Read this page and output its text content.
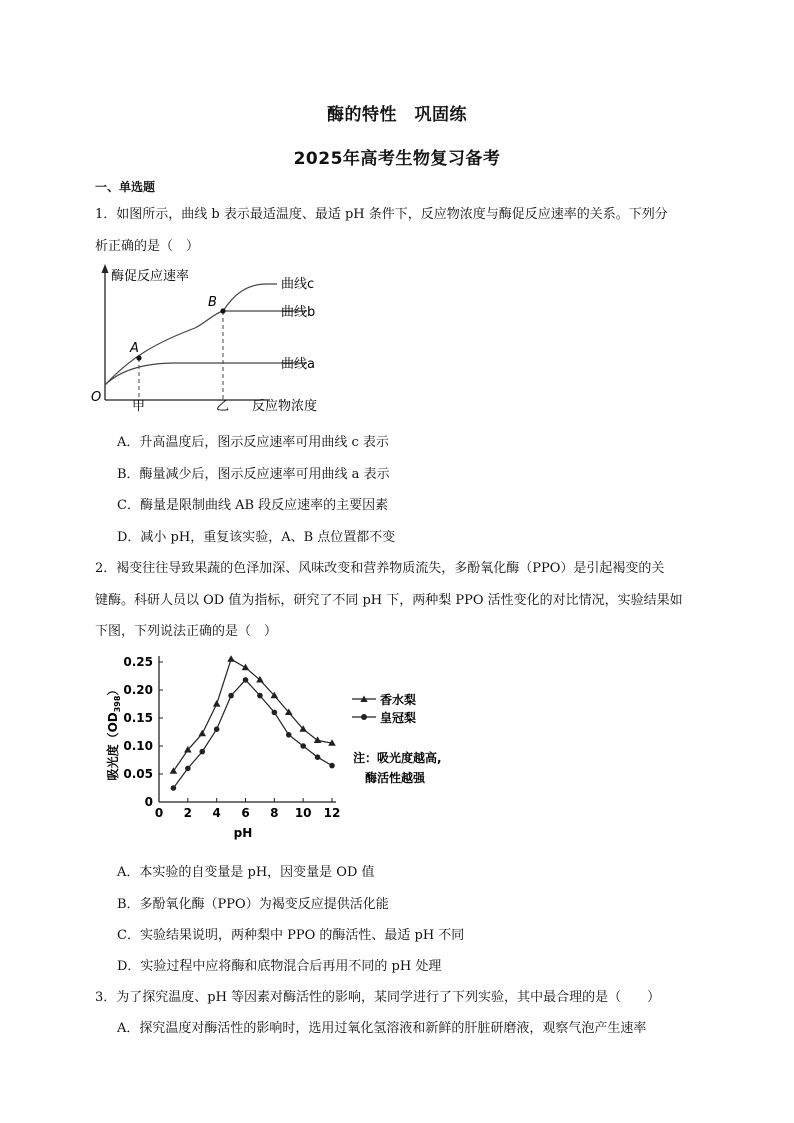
酶的特性　巩固练
2025年高考生物复习备考
一、单选题
1．如图所示，曲线 b 表示最适温度、最适 pH 条件下，反应物浓度与酶促反应速率的关系。下列分
析正确的是（　）
酶促反应速率
反应物浓度
O
A
B
甲	乙
曲线c
曲线b
曲线a
A．升高温度后，图示反应速率可用曲线 c 表示
B．酶量减少后，图示反应速率可用曲线 a 表示
C．酶量是限制曲线 AB 段反应速率的主要因素
D．减小 pH，重复该实验，A、B 点位置都不变
2．褐变往往导致果蔬的色泽加深、风味改变和营养物质流失，多酚氧化酶（PPO）是引起褐变的关
键酶。科研人员以 OD 值为指标，研究了不同 pH 下，两种梨 PPO 活性变化的对比情况，实验结果如
下图，下列说法正确的是（　）
吸光度$(OD_{398})$
0
0.05
0.10
0.15
0.20
0.25
0 2 4 6 8 10 12
pH
香水梨
皇冠梨
注：吸光度越高,
酶活性越强
A．本实验的自变量是 pH，因变量是 OD 值
B．多酚氧化酶（PPO）为褐变反应提供活化能
C．实验结果说明，两种梨中 PPO 的酶活性、最适 pH 不同
D．实验过程中应将酶和底物混合后再用不同的 pH 处理
3．为了探究温度、pH 等因素对酶活性的影响，某同学进行了下列实验，其中最合理的是（　　）
A．探究温度对酶活性的影响时，选用过氧化氢溶液和新鲜的肝脏研磨液，观察气泡产生速率
